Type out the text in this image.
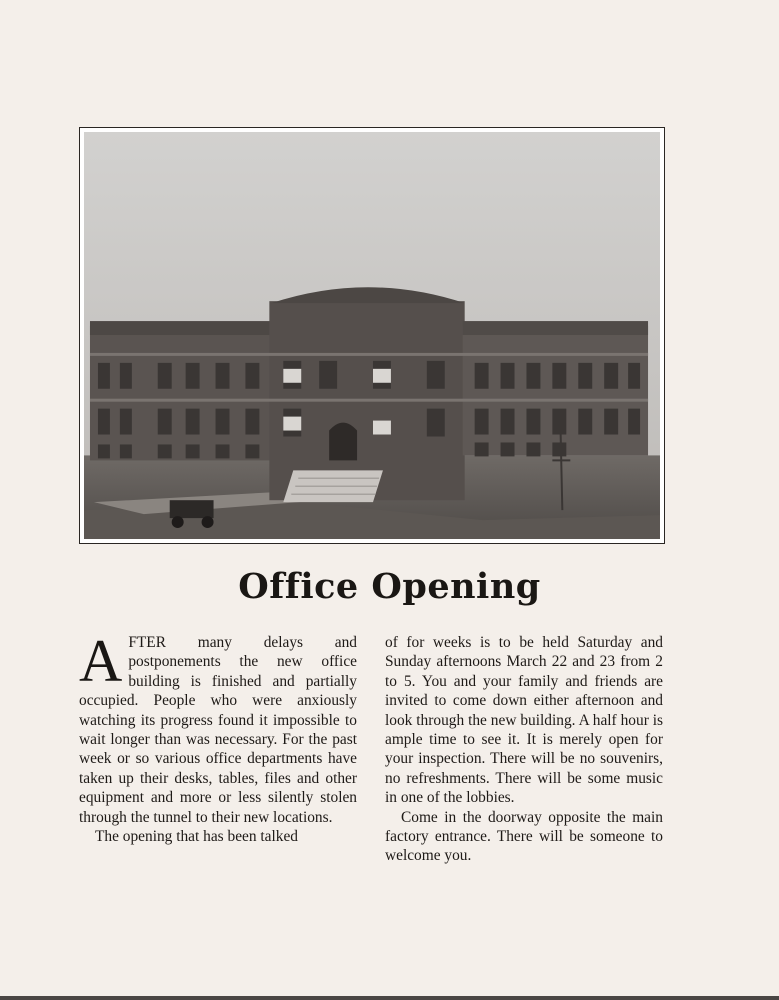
Office Opening

AFTER many delays and postponements the new office building is finished and partially occupied. People who were anxiously watching its progress found it impossible to wait longer than was necessary. For the past week or so various office departments have taken up their desks, tables, files and other equipment and more or less silently stolen through the tunnel to their new locations.

The opening that has been talked

of for weeks is to be held Saturday and Sunday afternoons March 22 and 23 from 2 to 5. You and your family and friends are invited to come down either afternoon and look through the new building. A half hour is ample time to see it. It is merely open for your inspection. There will be no souvenirs, no refreshments. There will be some music in one of the lobbies.

Come in the doorway opposite the main factory entrance. There will be someone to welcome you.
